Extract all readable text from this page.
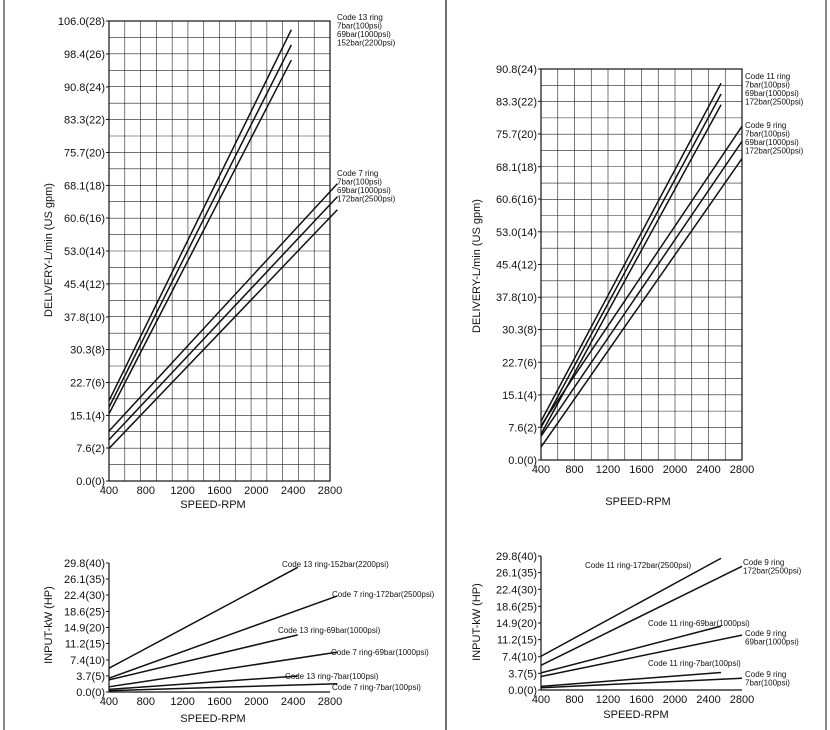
0.0(0)
7.6(2)
15.1(4)
22.7(6)
30.3(8)
37.8(10)
45.4(12)
53.0(14)
60.6(16)
68.1(18)
75.7(20)
83.3(22)
90.8(24)
98.4(26)
106.0(28)
400 800 1200 1600 2000 2400 2800
SPEED-RPM
DELIVERY-L/min (US gpm)
Code 13 ring
7bar(100psi)
69bar(1000psi)
152bar(2200psi)
Code 7 ring
7bar(100psi)
69bar(1000psi)
172bar(2500psi)
0.0(0)
7.6(2)
15.1(4)
22.7(6)
30.3(8)
37.8(10)
45.4(12)
53.0(14)
60.6(16)
68.1(18)
75.7(20)
83.3(22)
90.8(24)
400 800 1200 1600 2000 2400 2800
SPEED-RPM
DELIVERY-L/min (US gpm)
Code 11 ring
7bar(100psi)
69bar(1000psi)
172bar(2500psi)
Code 9 ring
7bar(100psi)
69bar(1000psi)
172bar(2500psi)
0.0(0)
3.7(5)
7.4(10)
11.2(15)
14.9(20)
18.6(25)
22.4(30)
26.1(35)
29.8(40)
400 800 1200 1600 2000 2400 2800
SPEED-RPM
INPUT-kW (HP)
Code 13 ring-152bar(2200psi)
Code 7 ring-172bar(2500psi)
Code 13 ring-69bar(1000psi)
Code 7 ring-69bar(1000psi)
Code 13 ring-7bar(100psi)
Code 7 ring-7bar(100psi)	0.0(0)
3.7(5)
7.4(10)
11.2(15)
14.9(20)
18.6(25)
22.4(30)
26.1(35)
29.8(40)
400 800 1200 1600 2000 2400 2800
SPEED-RPM
INPUT-kW (HP)
Code 11 ring-172bar(2500psi)	Code 9 ring 172bar(2500psi)
Code 11 ring-69bar(1000psi)
Code 9 ring 69bar(1000psi)
Code 11 ring-7bar(100psi)
Code 9 ring 7bar(100psi)
